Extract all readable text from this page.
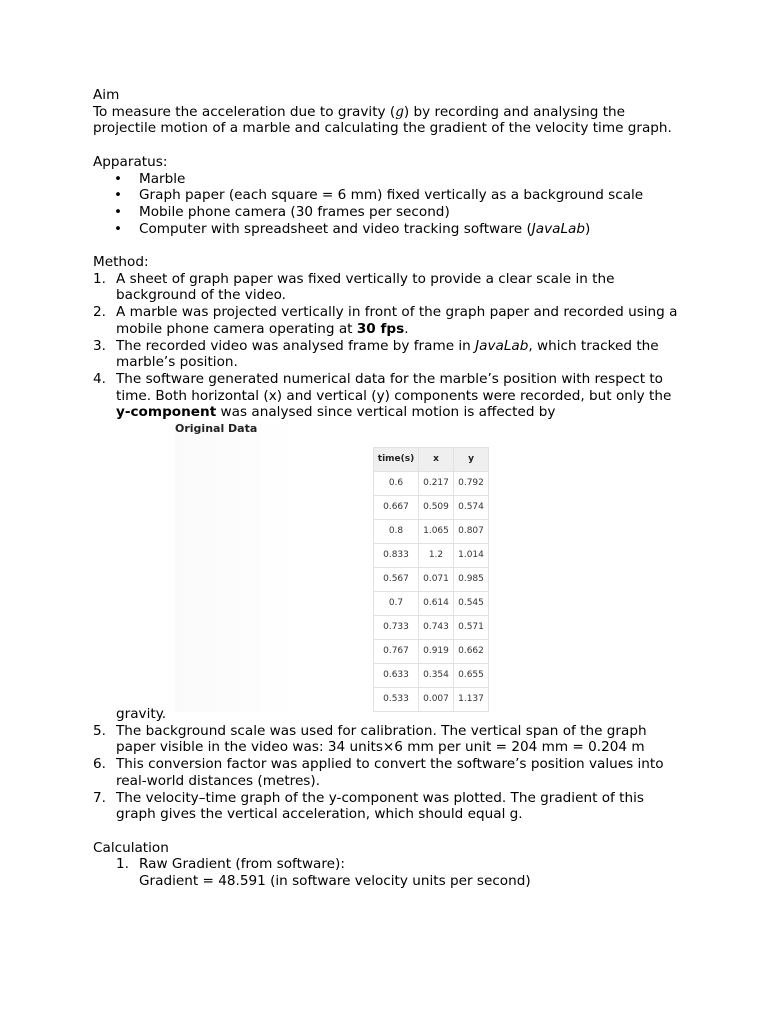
Aim

To measure the acceleration due to gravity (g) by recording and analysing the projectile motion of a marble and calculating the gradient of the velocity time graph.

Apparatus:

• Marble
• Graph paper (each square = 6 mm) fixed vertically as a background scale
• Mobile phone camera (30 frames per second)
• Computer with spreadsheet and video tracking software (JavaLab)

Method:

1. A sheet of graph paper was fixed vertically to provide a clear scale in the background of the video.
2. A marble was projected vertically in front of the graph paper and recorded using a mobile phone camera operating at 30 fps.
3. The recorded video was analysed frame by frame in JavaLab, which tracked the marble’s position.
4. The software generated numerical data for the marble’s position with respect to time. Both horizontal (x) and vertical (y) components were recorded, but only the y-component was analysed since vertical motion is affected by
Original Data
time(s)	x	y
0.6	0.217	0.792
0.667	0.509	0.574
0.8	1.065	0.807
0.833	1.2	1.014
0.567	0.071	0.985
0.7	0.614	0.545
0.733	0.743	0.571
0.767	0.919	0.662
0.633	0.354	0.655
0.533	0.007	1.137
gravity.
5. The background scale was used for calibration. The vertical span of the graph paper visible in the video was: 34 units×6 mm per unit = 204 mm = 0.204 m
6. This conversion factor was applied to convert the software’s position values into real-world distances (metres).
7. The velocity–time graph of the y-component was plotted. The gradient of this graph gives the vertical acceleration, which should equal g.

Calculation

1. Raw Gradient (from software):
Gradient = 48.591 (in software velocity units per second)
